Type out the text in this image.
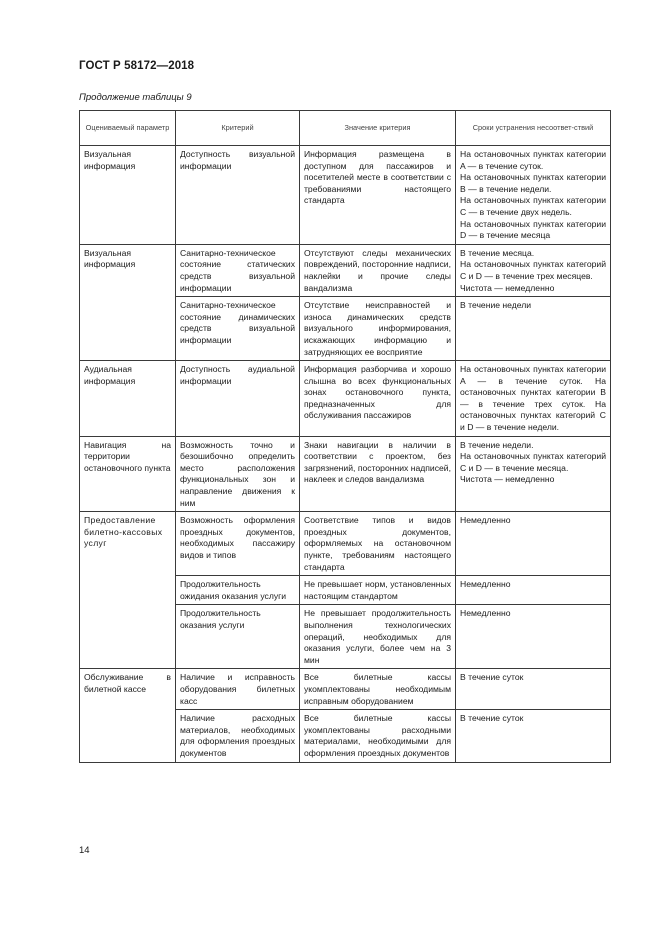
ГОСТ Р 58172—2018
Продолжение таблицы 9
Оцениваемый параметр	Критерий	Значение критерия	Сроки устранения несоответ-ствий
Визуальная информация	Доступность визуальной информации	Информация размещена в доступном для пассажиров и посетителей месте в соответствии с требованиями настоящего стандарта	На остановочных пунктах категории A — в течение суток.
На остановочных пунктах категории B — в течение недели.
На остановочных пунктах категории C — в течение двух недель.
На остановочных пунктах категории D — в течение месяца

Визуальная информация	Санитарно-техническое состояние статических средств визуальной информации	Отсутствуют следы механических повреждений, посторонние надписи, наклейки и прочие следы вандализма	В течение месяца.
На остановочных пунктах категорий C и D — в течение трех месяцев.
Чистота — немедленно

	Санитарно-техническое состояние динамических средств визуальной информации	Отсутствие неисправностей и износа динамических средств визуального информирования, искажающих информацию и затрудняющих ее восприятие	В течение недели

Аудиальная информация	Доступность аудиальной информации	Информация разборчива и хорошо слышна во всех функциональных зонах остановочного пункта, предназначенных для обслуживания пассажиров	На остановочных пунктах категории A — в течение суток. На остановочных пунктах категории B — в течение трех суток. На остановочных пунктах категорий C и D — в течение недели.

Навигация на территории остановочного пункта	Возможность точно и безошибочно определить место расположения функциональных зон и направление движения к ним	Знаки навигации в наличии в соответствии с проектом, без загрязнений, посторонних надписей, наклеек и следов вандализма	В течение недели.
На остановочных пунктах категорий C и D — в течение месяца.
Чистота — немедленно

Предоставление билетно-кассовых услуг	Возможность оформления проездных документов, необходимых пассажиру видов и типов	Соответствие типов и видов проездных документов, оформляемых на остановочном пункте, требованиям настоящего стандарта	Немедленно

	Продолжительность ожидания оказания услуги	Не превышает норм, установленных настоящим стандартом	Немедленно

	Продолжительность оказания услуги	Не превышает продолжительность выполнения технологических операций, необходимых для оказания услуги, более чем на 3 мин	Немедленно

Обслуживание в билетной кассе	Наличие и исправность оборудования билетных касс	Все билетные кассы укомплектованы необходимым исправным оборудованием	В течение суток

	Наличие расходных материалов, необходимых для оформления проездных документов	Все билетные кассы укомплектованы расходными материалами, необходимыми для оформления проездных документов	В течение суток
14
